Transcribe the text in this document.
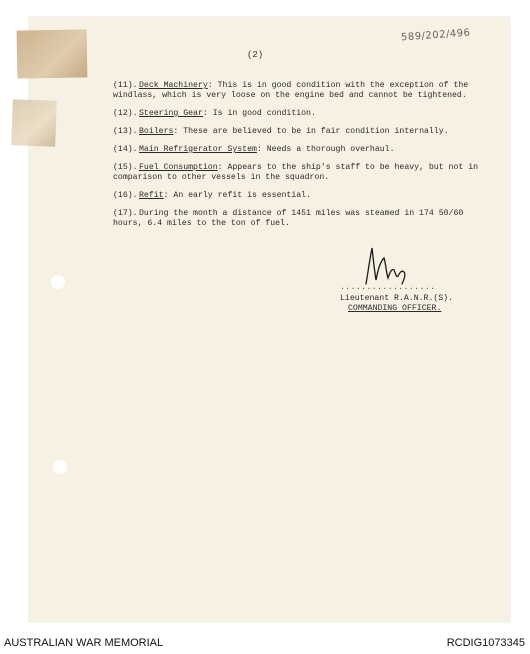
589/202/496
(2)
(11).Deck Machinery: This is in good condition with the exception of the windlass, which is very loose on the engine bed and cannot be tightened.
(12).Steering Gear: Is in good condition.
(13).Boilers: These are believed to be in fair condition internally.
(14).Main Refrigerator System: Needs a thorough overhaul.
(15).Fuel Consumption: Appears to the ship's staff to be heavy, but not in comparison to other vessels in the squadron.
(16).Refit: An early refit is essential.
(17).During the month a distance of 1451 miles was steamed in 174 50/60 hours, 6.4 miles to the ton of fuel.
..................
Lieutenant R.A.N.R.(S).
COMMANDING OFFICER.
AUSTRALIAN WAR MEMORIAL	RCDIG1073345
